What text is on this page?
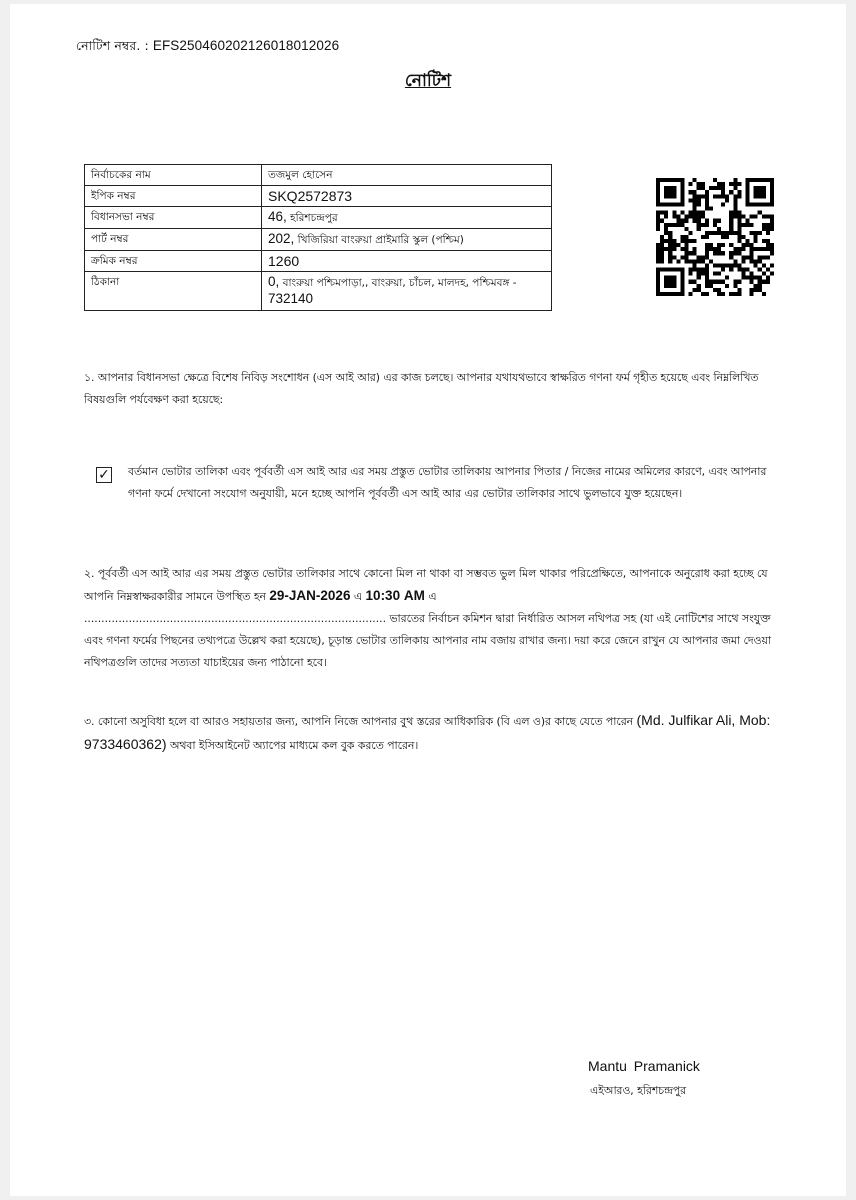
নোটিশ নম্বর. : EFS250460202126018012026
নোটিশ
নির্বাচকের নাম	তজমুল হোসেন
ইপিক নম্বর	SKQ2572873
বিধানসভা নম্বর	46, হরিশচন্দ্রপুর
পার্ট নম্বর	202, খিজিরিয়া বাংরুয়া প্রাইমারি স্কুল (পশ্চিম)
ক্রমিক নম্বর	1260
ঠিকানা	0, বাংরুয়া পশ্চিমপাড়া,, বাংরুয়া, চাঁচল, মালদহ, পশ্চিমবঙ্গ -
732140
১. আপনার বিধানসভা ক্ষেত্রে বিশেষ নিবিড় সংশোধন (এস আই আর) এর কাজ চলছে। আপনার যথাযথভাবে স্বাক্ষরিত গণনা ফর্ম গৃহীত হয়েছে এবং নিম্নলিখিত বিষয়গুলি পর্যবেক্ষণ করা হয়েছে:
✓ বর্তমান ভোটার তালিকা এবং পূর্ববর্তী এস আই আর এর সময় প্রস্তুত ভোটার তালিকায় আপনার পিতার / নিজের নামের অমিলের কারণে, এবং আপনার গণনা ফর্মে দেখানো সংযোগ অনুযায়ী, মনে হচ্ছে আপনি পূর্ববর্তী এস আই আর এর ভোটার তালিকার সাথে ভুলভাবে যুক্ত হয়েছেন।
২. পূর্ববর্তী এস আই আর এর সময় প্রস্তুত ভোটার তালিকার সাথে কোনো মিল না থাকা বা সম্ভবত ভুল মিল থাকার পরিপ্রেক্ষিতে, আপনাকে অনুরোধ করা হচ্ছে যে আপনি নিম্নস্বাক্ষরকারীর সামনে উপস্থিত হন 29-JAN-2026 এ 10:30 AM এ
........................................................................................ ভারতের নির্বাচন কমিশন দ্বারা নির্ধারিত আসল নথিপত্র সহ (যা এই নোটিশের সাথে সংযুক্ত এবং গণনা ফর্মের পিছনের তথ্যপত্রে উল্লেখ করা হয়েছে), চূড়ান্ত ভোটার তালিকায় আপনার নাম বজায় রাখার জন্য। দয়া করে জেনে রাখুন যে আপনার জমা দেওয়া নথিপত্রগুলি তাদের সত্যতা যাচাইয়ের জন্য পাঠানো হবে।
৩. কোনো অসুবিধা হলে বা আরও সহায়তার জন্য, আপনি নিজে আপনার বুথ স্তরের আধিকারিক (বি এল ও)র কাছে যেতে পারেন (Md. Julfikar Ali, Mob: 9733460362) অথবা ইসিআইনেট অ্যাপের মাধ্যমে কল বুক করতে পারেন।
Mantu Pramanick
এইআরও, হরিশচন্দ্রপুর
